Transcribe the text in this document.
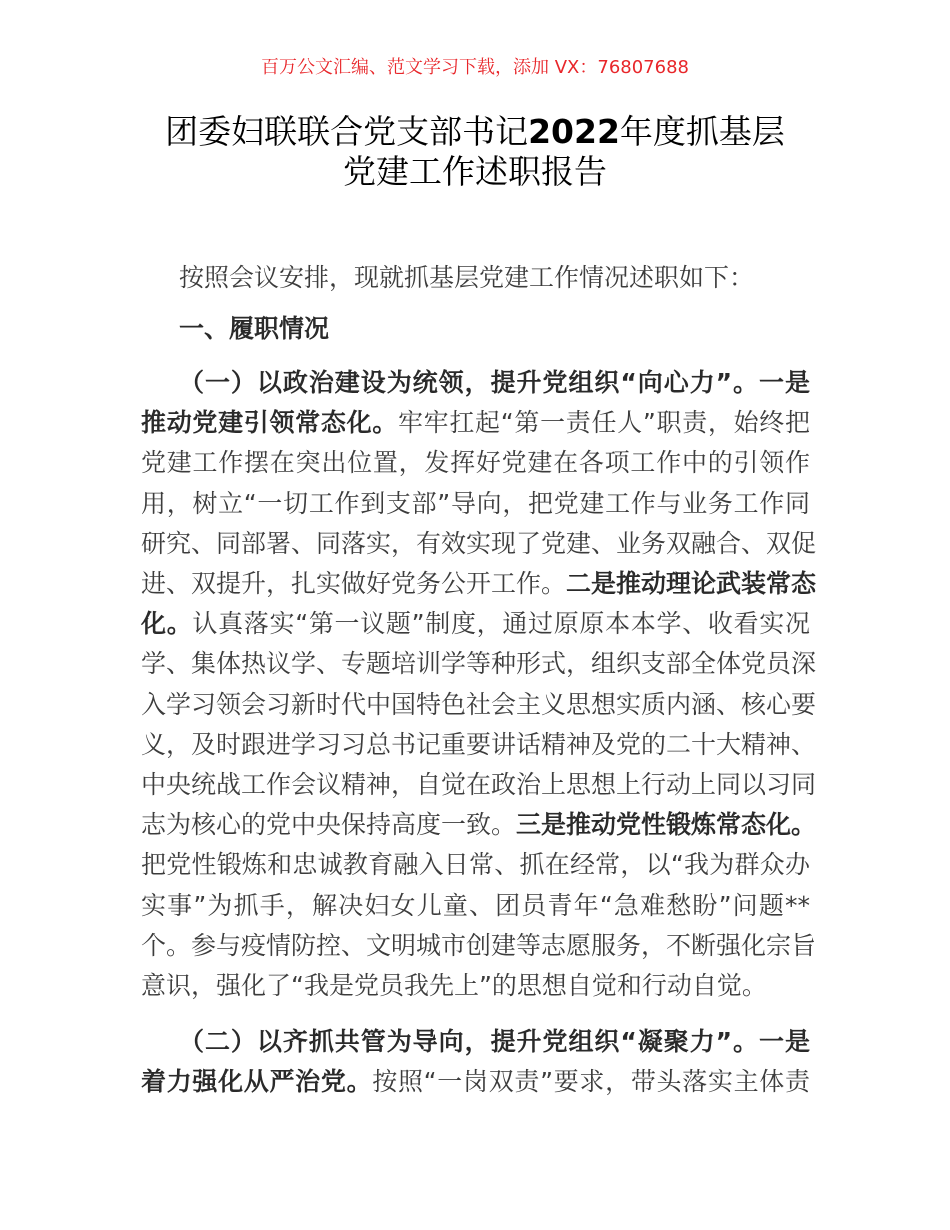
百万公文汇编、范文学习下载，添加 VX：76807688
团委妇联联合党支部书记2022年度抓基层
党建工作述职报告
按照会议安排，现就抓基层党建工作情况述职如下：
一、履职情况
（一）以政治建设为统领，提升党组织“向心力”。一是
推动党建引领常态化。牢牢扛起“第一责任人”职责，始终把
党建工作摆在突出位置，发挥好党建在各项工作中的引领作
用，树立“一切工作到支部”导向，把党建工作与业务工作同
研究、同部署、同落实，有效实现了党建、业务双融合、双促
进、双提升，扎实做好党务公开工作。二是推动理论武装常态
化。认真落实“第一议题”制度，通过原原本本学、收看实况
学、集体热议学、专题培训学等种形式，组织支部全体党员深
入学习领会习新时代中国特色社会主义思想实质内涵、核心要
义，及时跟进学习习总书记重要讲话精神及党的二十大精神、
中央统战工作会议精神，自觉在政治上思想上行动上同以习同
志为核心的党中央保持高度一致。三是推动党性锻炼常态化。
把党性锻炼和忠诚教育融入日常、抓在经常，以“我为群众办
实事”为抓手，解决妇女儿童、团员青年“急难愁盼”问题**
个。参与疫情防控、文明城市创建等志愿服务，不断强化宗旨
意识，强化了“我是党员我先上”的思想自觉和行动自觉。
（二）以齐抓共管为导向，提升党组织“凝聚力”。一是
着力强化从严治党。按照“一岗双责”要求，带头落实主体责
